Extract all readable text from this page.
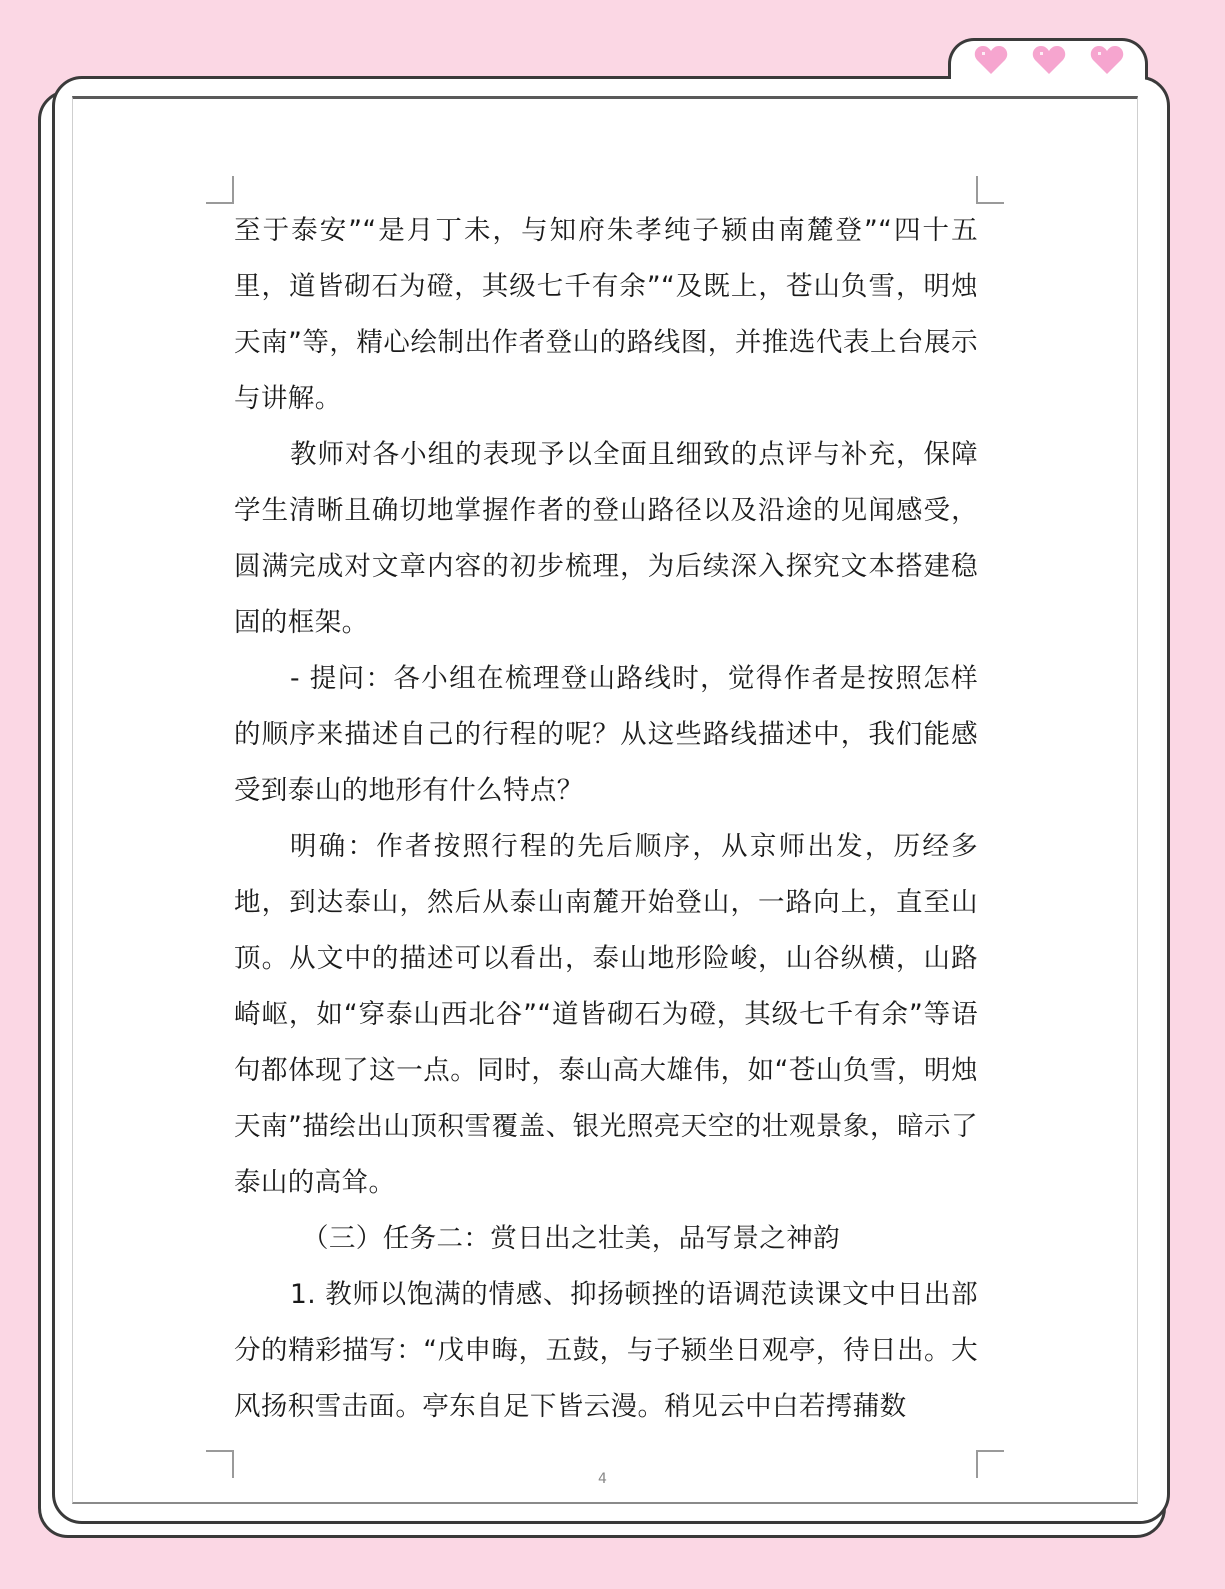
至于泰安”“是月丁未，与知府朱孝纯子颍由南麓登”“四十五里，道皆砌石为磴，其级七千有余”“及既上，苍山负雪，明烛天南”等，精心绘制出作者登山的路线图，并推选代表上台展示与讲解。

教师对各小组的表现予以全面且细致的点评与补充，保障学生清晰且确切地掌握作者的登山路径以及沿途的见闻感受，圆满完成对文章内容的初步梳理，为后续深入探究文本搭建稳固的框架。

- 提问：各小组在梳理登山路线时，觉得作者是按照怎样的顺序来描述自己的行程的呢？从这些路线描述中，我们能感受到泰山的地形有什么特点？

明确：作者按照行程的先后顺序，从京师出发，历经多地，到达泰山，然后从泰山南麓开始登山，一路向上，直至山顶。从文中的描述可以看出，泰山地形险峻，山谷纵横，山路崎岖，如“穿泰山西北谷”“道皆砌石为磴，其级七千有余”等语句都体现了这一点。同时，泰山高大雄伟，如“苍山负雪，明烛天南”描绘出山顶积雪覆盖、银光照亮天空的壮观景象，暗示了泰山的高耸。

（三）任务二：赏日出之壮美，品写景之神韵

1. 教师以饱满的情感、抑扬顿挫的语调范读课文中日出部分的精彩描写：“戊申晦，五鼓，与子颍坐日观亭，待日出。大风扬积雪击面。亭东自足下皆云漫。稍见云中白若摴蒱数

4
